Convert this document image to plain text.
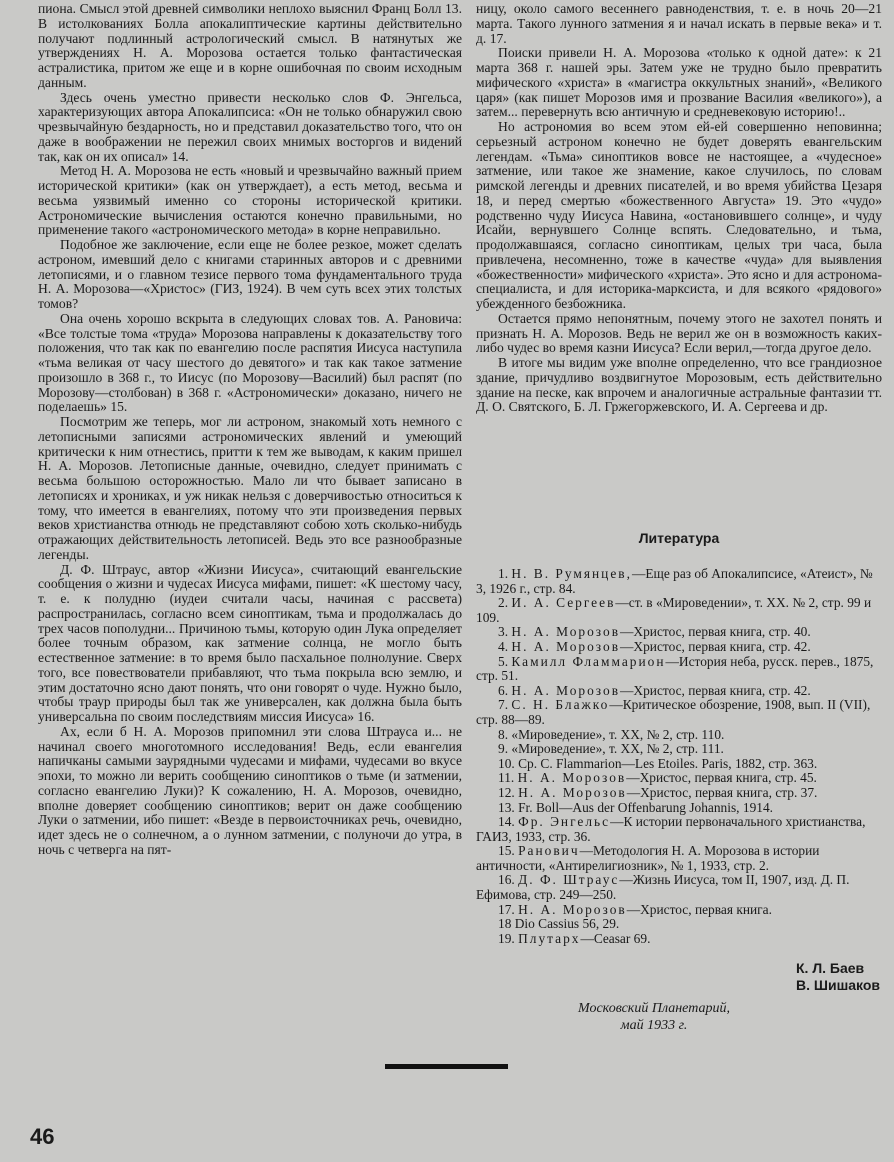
пиона. Смысл этой древней символики неплохо выяснил Франц Болл 13. В истолкованиях Болла апокалиптические картины действительно получают подлинный астрологический смысл. В натянутых же утверждениях Н. А. Морозова остается только фантастическая астралистика, притом же еще и в корне ошибочная по своим исходным данным.

Здесь очень уместно привести несколько слов Ф. Энгельса, характеризующих автора Апокалипсиса: «Он не только обнаружил свою чрезвычайную бездарность, но и представил доказательство того, что он даже в воображении не пережил своих мнимых восторгов и видений так, как он их описал» 14.

Метод Н. А. Морозова не есть «новый и чрезвычайно важный прием исторической критики» (как он утверждает), а есть метод, весьма и весьма уязвимый именно со стороны исторической критики. Астрономические вычисления остаются конечно правильными, но применение такого «астрономического метода» в корне неправильно.

Подобное же заключение, если еще не более резкое, может сделать астроном, имевший дело с книгами старинных авторов и с древними летописями, и о главном тезисе первого тома фундаментального труда Н. А. Морозова—«Христос» (ГИЗ, 1924). В чем суть всех этих толстых томов?

Она очень хорошо вскрыта в следующих словах тов. А. Рановича: «Все толстые тома «труда» Морозова направлены к доказательству того положения, что так как по евангелию после распятия Иисуса наступила «тьма великая от часу шестого до девятого» и так как такое затмение произошло в 368 г., то Иисус (по Морозову—Василий) был распят (по Морозову—столбован) в 368 г. «Астрономически» доказано, ничего не поделаешь» 15.

Посмотрим же теперь, мог ли астроном, знакомый хоть немного с летописными записями астрономических явлений и умеющий критически к ним отнестись, притти к тем же выводам, к каким пришел Н. А. Морозов. Летописные данные, очевидно, следует принимать с весьма большою осторожностью. Мало ли что бывает записано в летописях и хрониках, и уж никак нельзя с доверчивостью относиться к тому, что имеется в евангелиях, потому что эти произведения первых веков христианства отнюдь не представляют собою хоть сколько-нибудь отражающих действительность летописей. Ведь это все разнообразные легенды.

Д. Ф. Штраус, автор «Жизни Иисуса», считающий евангельские сообщения о жизни и чудесах Иисуса мифами, пишет: «К шестому часу, т. е. к полудню (иудеи считали часы, начиная с рассвета) распространилась, согласно всем синоптикам, тьма и продолжалась до трех часов пополудни... Причиною тьмы, которую один Лука определяет более точным образом, как затмение солнца, не могло быть естественное затмение: в то время было пасхальное полнолуние. Сверх того, все повествователи прибавляют, что тьма покрыла всю землю, и этим достаточно ясно дают понять, что они говорят о чуде. Нужно было, чтобы траур природы был так же универсален, как должна была быть универсальна по своим последствиям миссия Иисуса» 16.

Ах, если б Н. А. Морозов припомнил эти слова Штрауса и... не начинал своего многотомного исследования! Ведь, если евангелия напичканы самыми заурядными чудесами и мифами, чудесами во вкусе эпохи, то можно ли верить сообщению синоптиков о тьме (и затмении, согласно евангелию Луки)? К сожалению, Н. А. Морозов, очевидно, вполне доверяет сообщению синоптиков; верит он даже сообщению Луки о затмении, ибо пишет: «Везде в первоисточниках речь, очевидно, идет здесь не о солнечном, а о лунном затмении, с полуночи до утра, в ночь с четверга на пят-

ницу, около самого весеннего равноденствия, т. е. в ночь 20—21 марта. Такого лунного затмения я и начал искать в первые века» и т. д. 17.

Поиски привели Н. А. Морозова «только к одной дате»: к 21 марта 368 г. нашей эры. Затем уже не трудно было превратить мифического «христа» в «магистра оккультных знаний», «Великого царя» (как пишет Морозов имя и прозвание Василия «великого»), а затем... перевернуть всю античную и средневековую историю!..

Но астрономия во всем этом ей-ей совершенно неповинна; серьезный астроном конечно не будет доверять евангельским легендам. «Тьма» синоптиков вовсе не настоящее, а «чудесное» затмение, или такое же знамение, какое случилось, по словам римской легенды и древних писателей, и во время убийства Цезаря 18, и перед смертью «божественного Августа» 19. Это «чудо» родственно чуду Иисуса Навина, «остановившего солнце», и чуду Исайи, вернувшего Солнце вспять. Следовательно, и тьма, продолжавшаяся, согласно синоптикам, целых три часа, была привлечена, несомненно, тоже в качестве «чуда» для выявления «божественности» мифического «христа». Это ясно и для астронома-специалиста, и для историка-марксиста, и для всякого «рядового» убежденного безбожника.

Остается прямо непонятным, почему этого не захотел понять и признать Н. А. Морозов. Ведь не верил же он в возможность каких-либо чудес во время казни Иисуса? Если верил,—тогда другое дело.

В итоге мы видим уже вполне определенно, что все грандиозное здание, причудливо воздвигнутое Морозовым, есть действительно здание на песке, как впрочем и аналогичные астральные фантазии тт. Д. О. Святского, Б. Л. Гржегоржевского, И. А. Сергеева и др.

Литература
1. Н. В. Румянцев,—Еще раз об Апокалипсисе, «Атеист», № 3, 1926 г., стр. 84.
2. И. А. Сергеев—ст. в «Мироведении», т. XX. № 2, стр. 99 и 109.
3. Н. А. Морозов—Христос, первая книга, стр. 40.
4. Н. А. Морозов—Христос, первая книга, стр. 42.
5. Камилл Фламмарион—История неба, русск. перев., 1875, стр. 51.
6. Н. А. Морозов—Христос, первая книга, стр. 42.
7. С. Н. Блажко—Критическое обозрение, 1908, вып. II (VII), стр. 88—89.
8. «Мироведение», т. XX, № 2, стр. 110.
9. «Мироведение», т. XX, № 2, стр. 111.
10. Ср. C. Flammarion—Les Etoiles. Paris, 1882, стр. 363.
11. Н. А. Морозов—Христос, первая книга, стр. 45.
12. Н. А. Морозов—Христос, первая книга, стр. 37.
13. Fr. Boll—Aus der Offenbarung Johannis, 1914.
14. Фр. Энгельс—К истории первоначального христианства, ГАИЗ, 1933, стр. 36.
15. Ранович—Методология Н. А. Морозова в истории античности, «Антирелигиозник», № 1, 1933, стр. 2.
16. Д. Ф. Штраус—Жизнь Иисуса, том II, 1907, изд. Д. П. Ефимова, стр. 249—250.
17. Н. А. Морозов—Христос, первая книга.
18 Dio Cassius 56, 29.
19. Плутарх—Ceasar 69.
К. Л. Баев
В. Шишаков
Московский Планетарий,
май 1933 г.
46
